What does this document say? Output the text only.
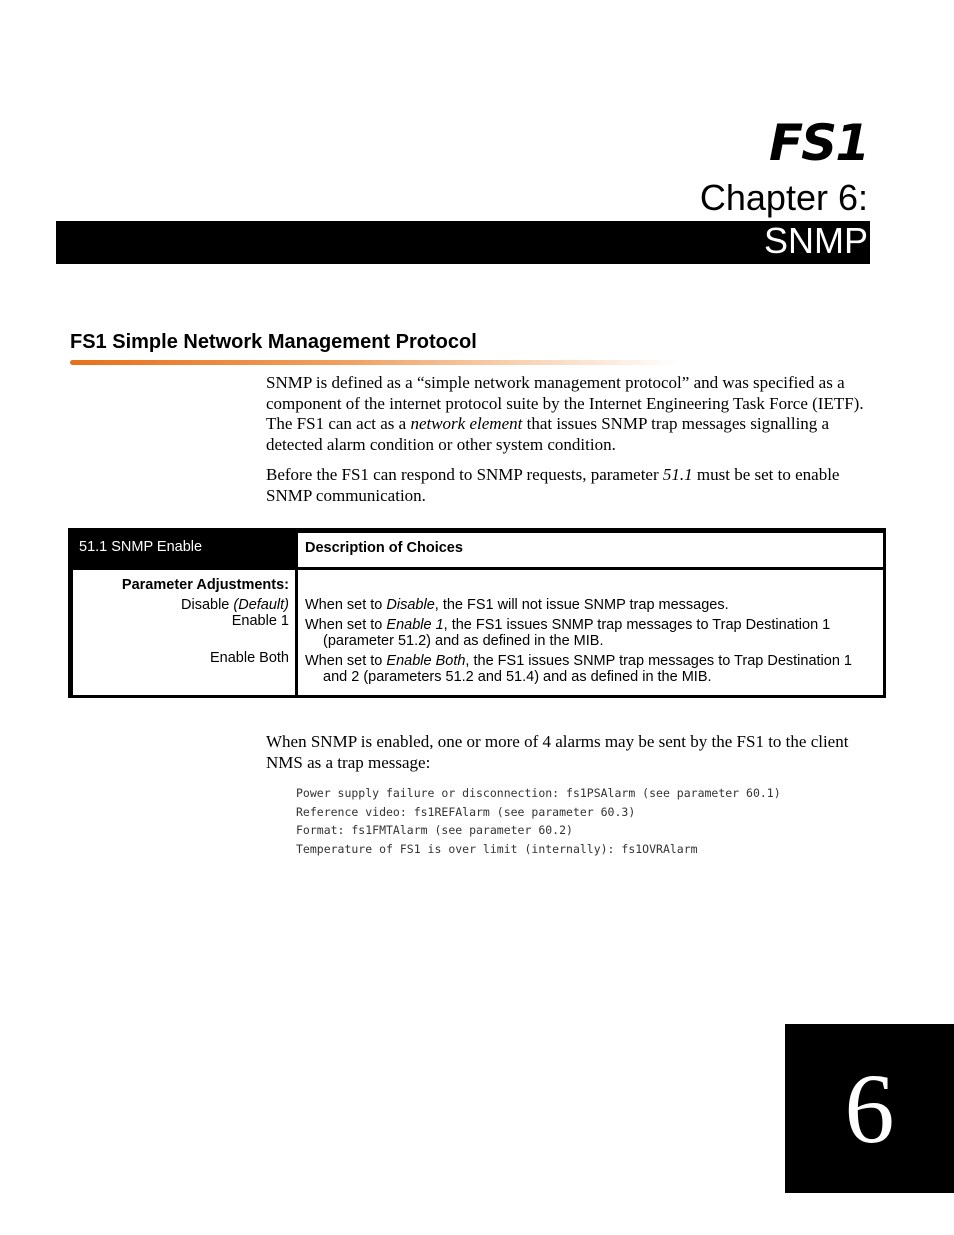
FS1
Chapter 6:
SNMP
FS1 Simple Network Management Protocol

SNMP is defined as a “simple network management protocol” and was specified as a component of the internet protocol suite by the Internet Engineering Task Force (IETF). The FS1 can act as a network element that issues SNMP trap messages signalling a detected alarm condition or other system condition.

Before the FS1 can respond to SNMP requests, parameter 51.1 must be set to enable SNMP communication.

51.1 SNMP Enable	Description of Choices
Parameter Adjustments:
Disable (Default)
Enable 1
Enable Both
When set to Disable, the FS1 will not issue SNMP trap messages.
When set to Enable 1, the FS1 issues SNMP trap messages to Trap Destination 1 (parameter 51.2) and as defined in the MIB.
When set to Enable Both, the FS1 issues SNMP trap messages to Trap Destination 1 and 2 (parameters 51.2 and 51.4) and as defined in the MIB.

When SNMP is enabled, one or more of 4 alarms may be sent by the FS1 to the client NMS as a trap message:

Power supply failure or disconnection: fs1PSAlarm (see parameter 60.1)
Reference video: fs1REFAlarm (see parameter 60.3)
Format: fs1FMTAlarm (see parameter 60.2)
Temperature of FS1 is over limit (internally): fs1OVRAlarm
6
